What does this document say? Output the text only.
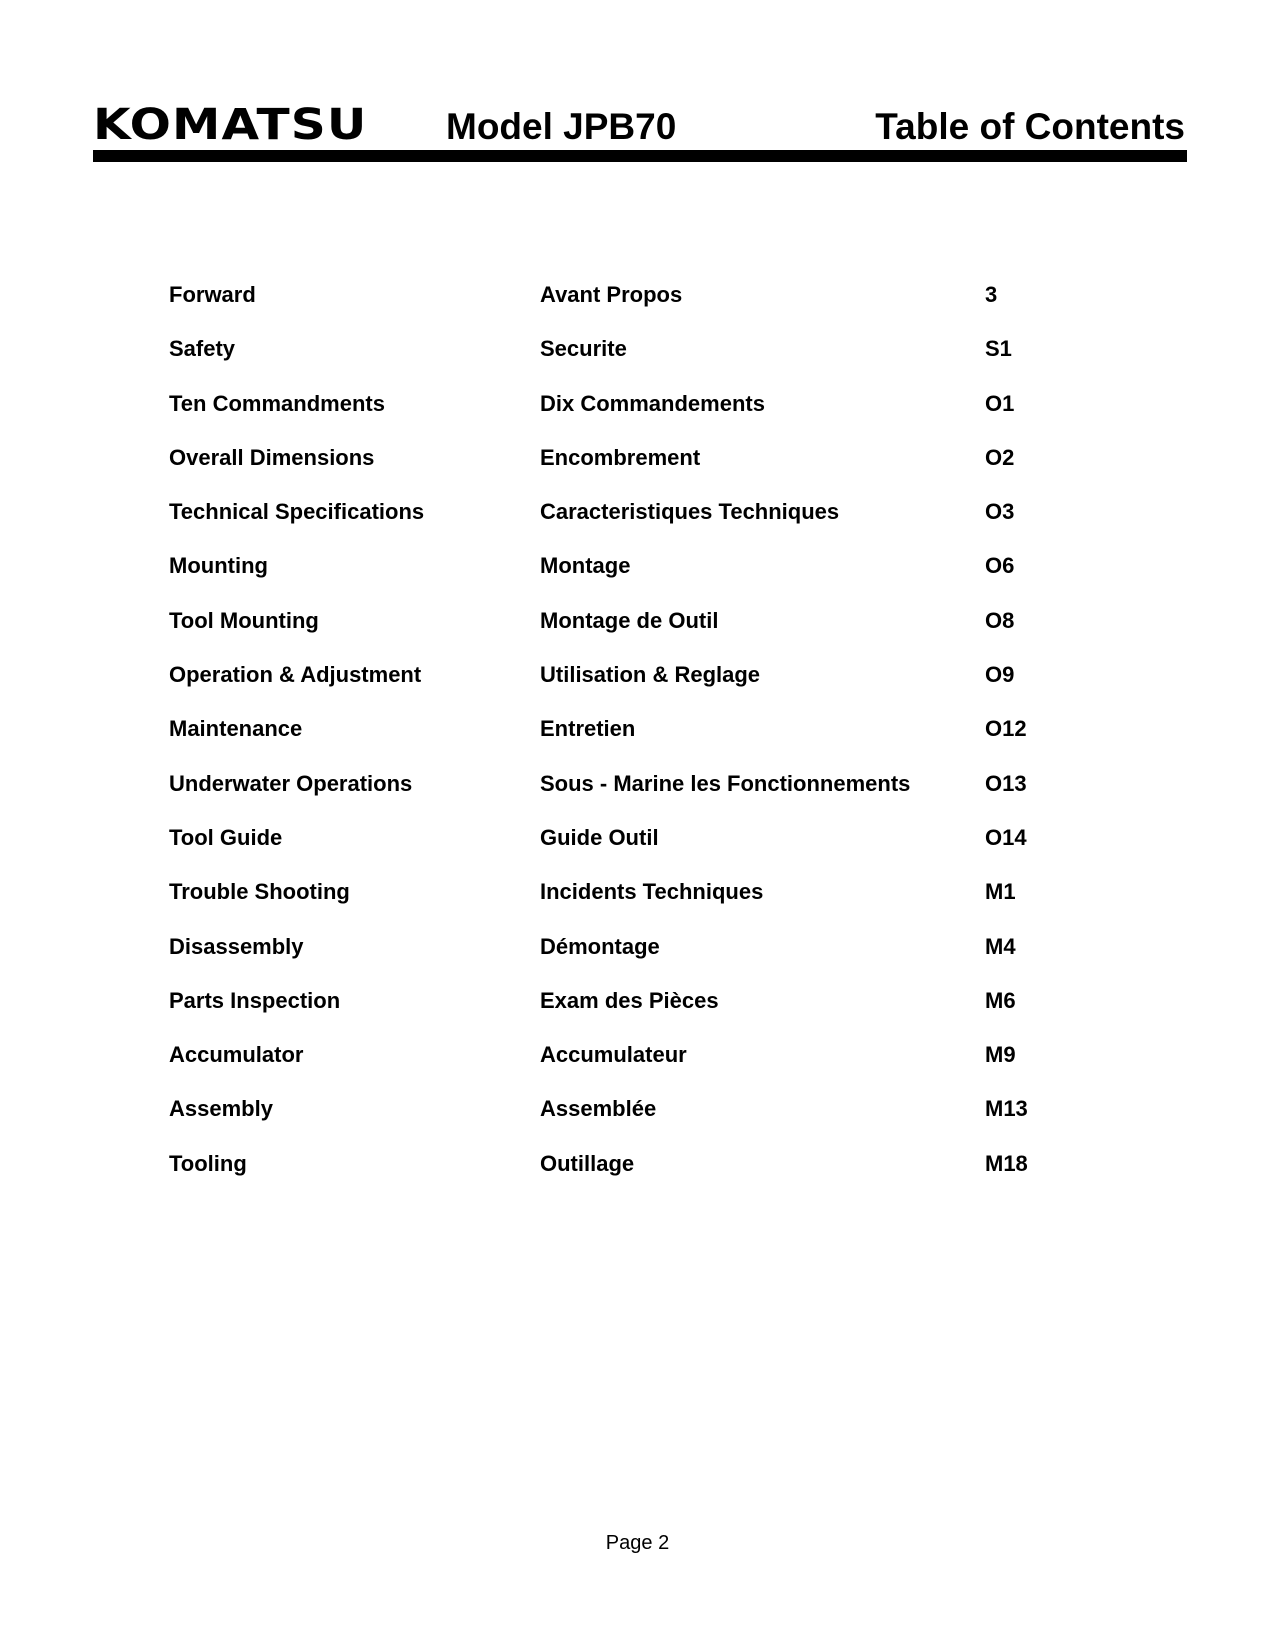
KOMATSU Model JPB70	Table of Contents
Forward	Avant Propos	3
Safety	Securite	S1
Ten Commandments	Dix Commandements	O1
Overall Dimensions	Encombrement	O2
Technical Specifications	Caracteristiques Techniques	O3
Mounting	Montage	O6
Tool Mounting	Montage de Outil	O8
Operation & Adjustment	Utilisation & Reglage	O9
Maintenance	Entretien	O12
Underwater Operations	Sous - Marine les Fonctionnements	O13
Tool Guide	Guide Outil	O14
Trouble Shooting	Incidents Techniques	M1
Disassembly	Démontage	M4
Parts Inspection	Exam des Pièces	M6
Accumulator	Accumulateur	M9
Assembly	Assemblée	M13
Tooling	Outillage	M18
Page 2
